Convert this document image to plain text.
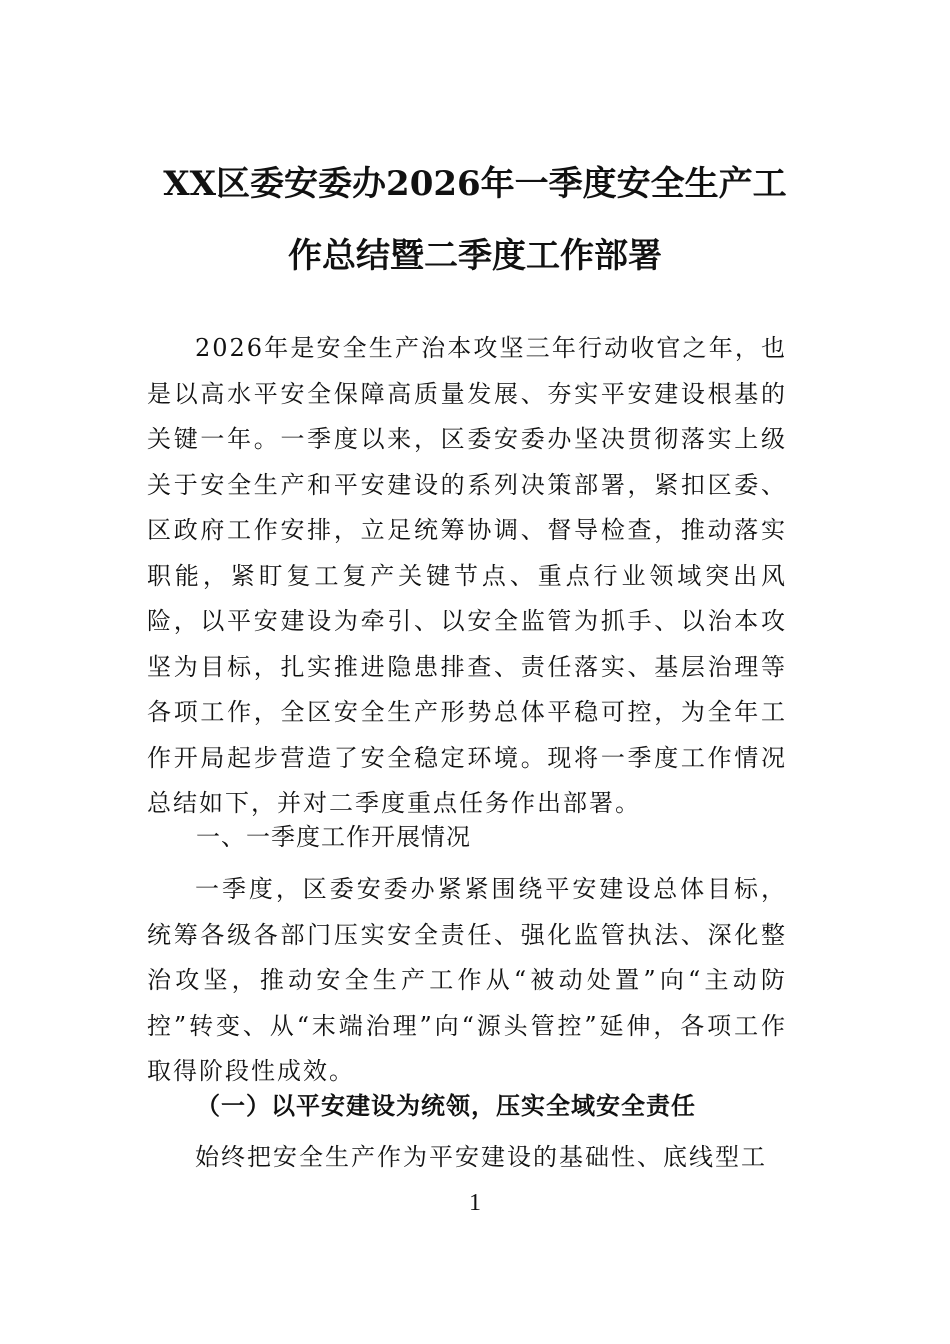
XX区委安委办2026年一季度安全生产工
作总结暨二季度工作部署

2026年是安全生产治本攻坚三年行动收官之年，也是以高水平安全保障高质量发展、夯实平安建设根基的关键一年。一季度以来，区委安委办坚决贯彻落实上级关于安全生产和平安建设的系列决策部署，紧扣区委、区政府工作安排，立足统筹协调、督导检查，推动落实职能，紧盯复工复产关键节点、重点行业领域突出风险，以平安建设为牵引、以安全监管为抓手、以治本攻坚为目标，扎实推进隐患排查、责任落实、基层治理等各项工作，全区安全生产形势总体平稳可控，为全年工作开局起步营造了安全稳定环境。现将一季度工作情况总结如下，并对二季度重点任务作出部署。

一、一季度工作开展情况

一季度，区委安委办紧紧围绕平安建设总体目标，统筹各级各部门压实安全责任、强化监管执法、深化整治攻坚，推动安全生产工作从“被动处置”向“主动防控”转变、从“末端治理”向“源头管控”延伸，各项工作取得阶段性成效。

（一）以平安建设为统领，压实全域安全责任

始终把安全生产作为平安建设的基础性、底线型工

1
